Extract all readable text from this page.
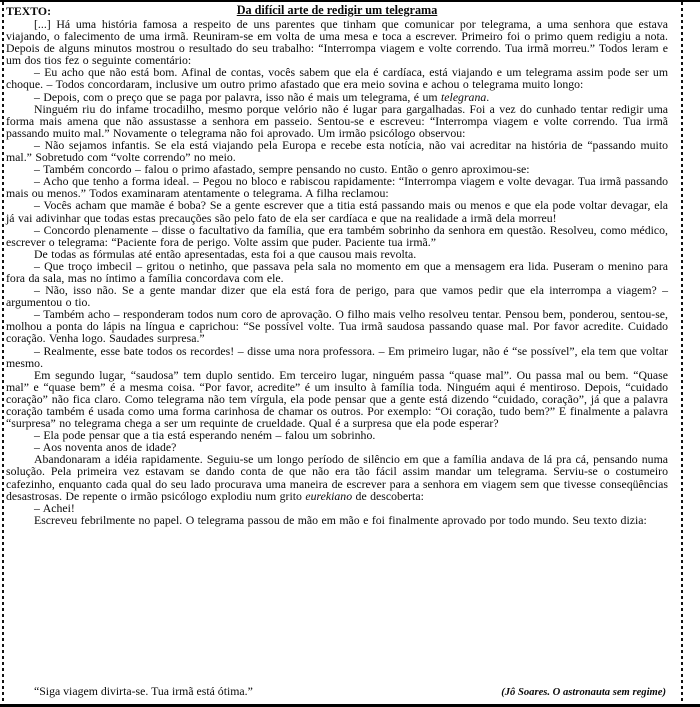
TEXTO:	Da difícil arte de redigir um telegrama

[...] Há uma história famosa a respeito de uns parentes que tinham que comunicar por telegrama, a uma senhora que estava viajando, o falecimento de uma irmã. Reuniram-se em volta de uma mesa e toca a escrever. Primeiro foi o primo quem redigiu a nota. Depois de alguns minutos mostrou o resultado do seu trabalho: “Interrompa viagem e volte correndo. Tua irmã morreu.” Todos leram e um dos tios fez o seguinte comentário:

– Eu acho que não está bom. Afinal de contas, vocês sabem que ela é cardíaca, está viajando e um telegrama assim pode ser um choque. – Todos concordaram, inclusive um outro primo afastado que era meio sovina e achou o telegrama muito longo:

– Depois, com o preço que se paga por palavra, isso não é mais um telegrama, é um telegrana.

Ninguém riu do infame trocadilho, mesmo porque velório não é lugar para gargalhadas. Foi a vez do cunhado tentar redigir uma forma mais amena que não assustasse a senhora em passeio. Sentou-se e escreveu: “Interrompa viagem e volte correndo. Tua irmã passando muito mal.” Novamente o telegrama não foi aprovado. Um irmão psicólogo observou:

– Não sejamos infantis. Se ela está viajando pela Europa e recebe esta notícia, não vai acreditar na história de “passando muito mal.” Sobretudo com “volte correndo” no meio.

– Também concordo – falou o primo afastado, sempre pensando no custo. Então o genro aproximou-se:

– Acho que tenho a forma ideal. – Pegou no bloco e rabiscou rapidamente: “Interrompa viagem e volte devagar. Tua irmã passando mais ou menos.” Todos examinaram atentamente o telegrama. A filha reclamou:

– Vocês acham que mamãe é boba? Se a gente escrever que a titia está passando mais ou menos e que ela pode voltar devagar, ela já vai adivinhar que todas estas precauções são pelo fato de ela ser cardíaca e que na realidade a irmã dela morreu!

– Concordo plenamente – disse o facultativo da família, que era também sobrinho da senhora em questão. Resolveu, como médico, escrever o telegrama: “Paciente fora de perigo. Volte assim que puder. Paciente tua irmã.”

De todas as fórmulas até então apresentadas, esta foi a que causou mais revolta.

– Que troço imbecil – gritou o netinho, que passava pela sala no momento em que a mensagem era lida. Puseram o menino para fora da sala, mas no íntimo a família concordava com ele.

– Não, isso não. Se a gente mandar dizer que ela está fora de perigo, para que vamos pedir que ela interrompa a viagem? – argumentou o tio.

– Também acho – responderam todos num coro de aprovação. O filho mais velho resolveu tentar. Pensou bem, ponderou, sentou-se, molhou a ponta do lápis na língua e caprichou: “Se possível volte. Tua irmã saudosa passando quase mal. Por favor acredite. Cuidado coração. Venha logo. Saudades surpresa.”

– Realmente, esse bate todos os recordes! – disse uma nora professora. – Em primeiro lugar, não é “se possível”, ela tem que voltar mesmo.

Em segundo lugar, “saudosa” tem duplo sentido. Em terceiro lugar, ninguém passa “quase mal”. Ou passa mal ou bem. “Quase mal” e “quase bem” é a mesma coisa. “Por favor, acredite” é um insulto à família toda. Ninguém aqui é mentiroso. Depois, “cuidado coração” não fica claro. Como telegrama não tem vírgula, ela pode pensar que a gente está dizendo “cuidado, coração”, já que a palavra coração também é usada como uma forma carinhosa de chamar os outros. Por exemplo: “Oi coração, tudo bem?” E finalmente a palavra “surpresa” no telegrama chega a ser um requinte de crueldade. Qual é a surpresa que ela pode esperar?

– Ela pode pensar que a tia está esperando neném – falou um sobrinho.

– Aos noventa anos de idade?

Abandonaram a idéia rapidamente. Seguiu-se um longo período de silêncio em que a família andava de lá pra cá, pensando numa solução. Pela primeira vez estavam se dando conta de que não era tão fácil assim mandar um telegrama. Serviu-se o costumeiro cafezinho, enquanto cada qual do seu lado procurava uma maneira de escrever para a senhora em viagem sem que tivesse conseqüências desastrosas. De repente o irmão psicólogo explodiu num grito eurekiano de descoberta:

– Achei!

Escreveu febrilmente no papel. O telegrama passou de mão em mão e foi finalmente aprovado por todo mundo. Seu texto dizia:

“Siga viagem divirta-se. Tua irmã está ótima.”	(Jô Soares. O astronauta sem regime)
